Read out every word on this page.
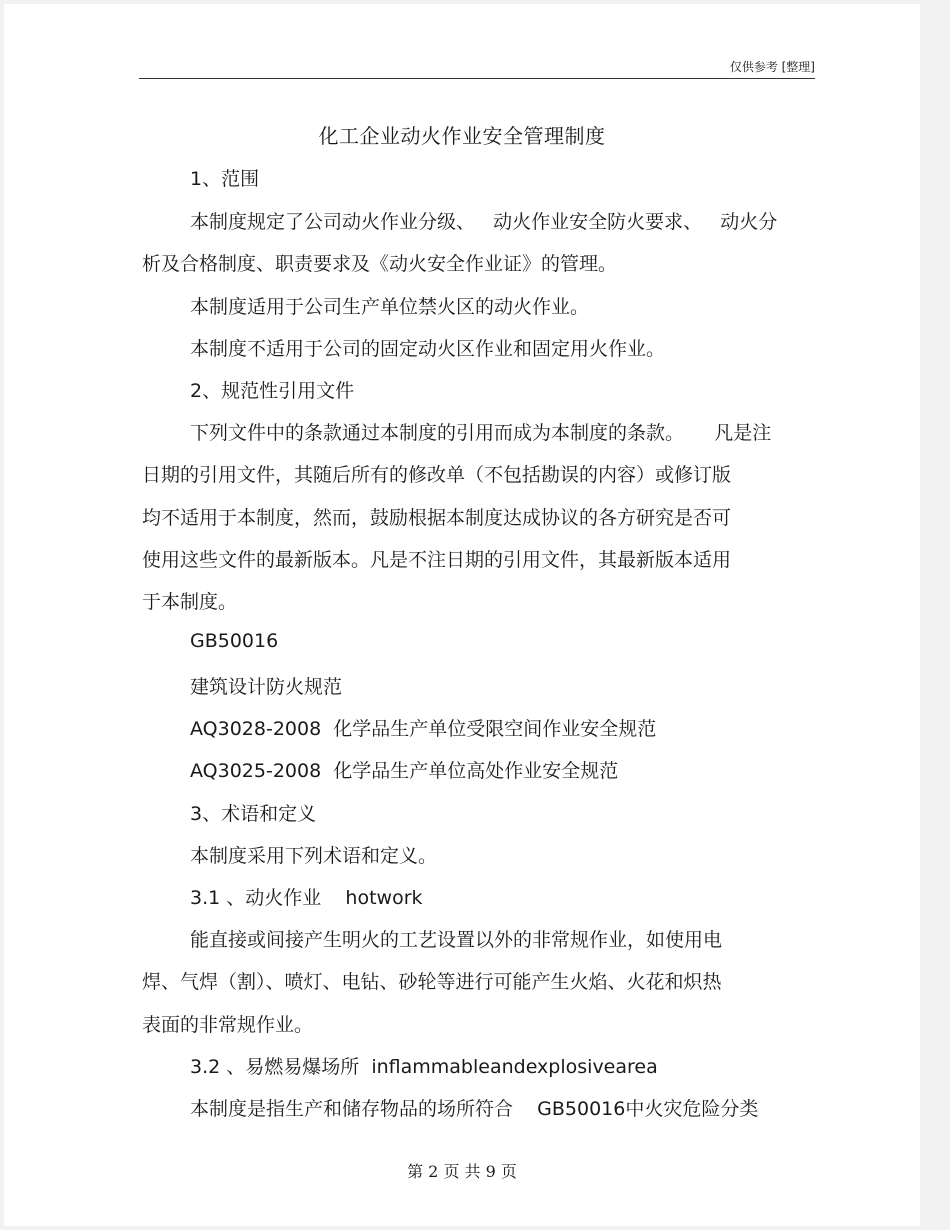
仅供参考 [整理]
化工企业动火作业安全管理制度
1、范围
本制度规定了公司动火作业分级、   动火作业安全防火要求、   动火分
析及合格制度、职责要求及《动火安全作业证》的管理。
本制度适用于公司生产单位禁火区的动火作业。
本制度不适用于公司的固定动火区作业和固定用火作业。
2、规范性引用文件
下列文件中的条款通过本制度的引用而成为本制度的条款。     凡是注
日期的引用文件，其随后所有的修改单（不包括勘误的内容）或修订版
均不适用于本制度，然而，鼓励根据本制度达成协议的各方研究是否可
使用这些文件的最新版本。凡是不注日期的引用文件，其最新版本适用
于本制度。
GB50016
建筑设计防火规范
AQ3028-2008  化学品生产单位受限空间作业安全规范
AQ3025-2008  化学品生产单位高处作业安全规范
3、术语和定义
本制度采用下列术语和定义。
3.1 、动火作业    hotwork
能直接或间接产生明火的工艺设置以外的非常规作业，如使用电
焊、气焊（割）、喷灯、电钻、砂轮等进行可能产生火焰、火花和炽热
表面的非常规作业。
3.2 、易燃易爆场所  inflammableandexplosivearea
本制度是指生产和储存物品的场所符合    GB50016中火灾危险分类
第 2 页 共 9 页
